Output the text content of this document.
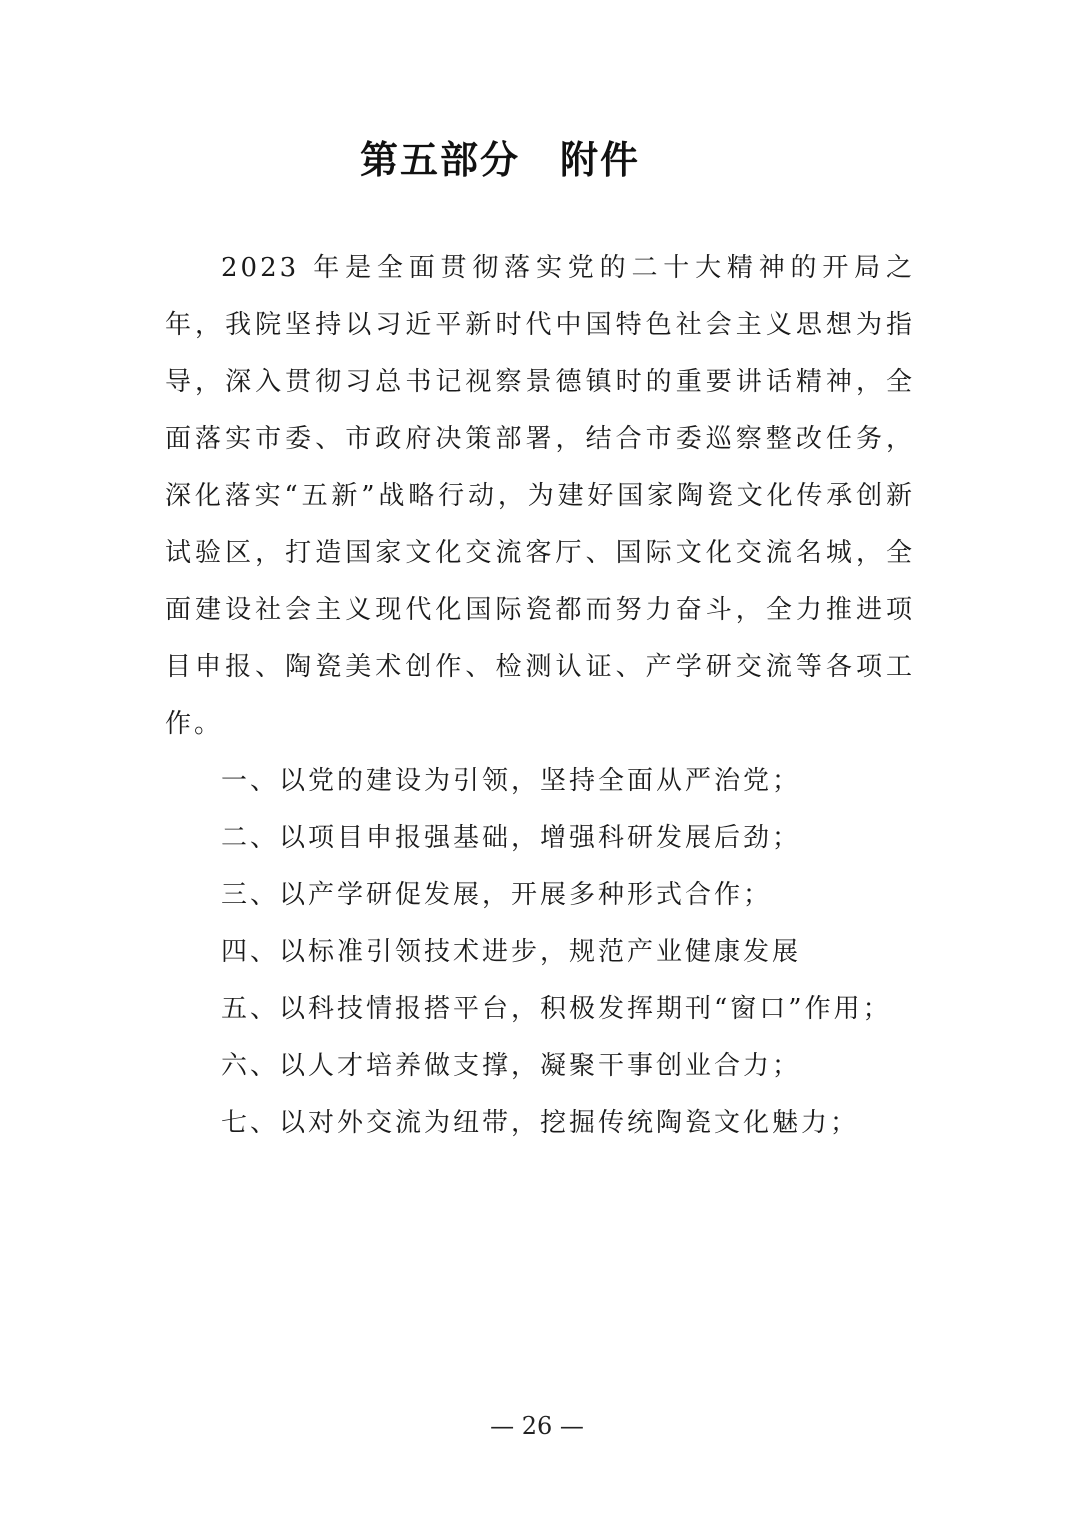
第五部分　附件

2023 年是全面贯彻落实党的二十大精神的开局之年，我院坚持以习近平新时代中国特色社会主义思想为指导，深入贯彻习总书记视察景德镇时的重要讲话精神，全面落实市委、市政府决策部署，结合市委巡察整改任务，深化落实“五新”战略行动，为建好国家陶瓷文化传承创新试验区，打造国家文化交流客厅、国际文化交流名城，全面建设社会主义现代化国际瓷都而努力奋斗，全力推进项目申报、陶瓷美术创作、检测认证、产学研交流等各项工作。

一、以党的建设为引领，坚持全面从严治党；
二、以项目申报强基础，增强科研发展后劲；
三、以产学研促发展，开展多种形式合作；
四、以标准引领技术进步，规范产业健康发展
五、以科技情报搭平台，积极发挥期刊“窗口”作用；
六、以人才培养做支撑，凝聚干事创业合力；
七、以对外交流为纽带，挖掘传统陶瓷文化魅力；
— 26 —
